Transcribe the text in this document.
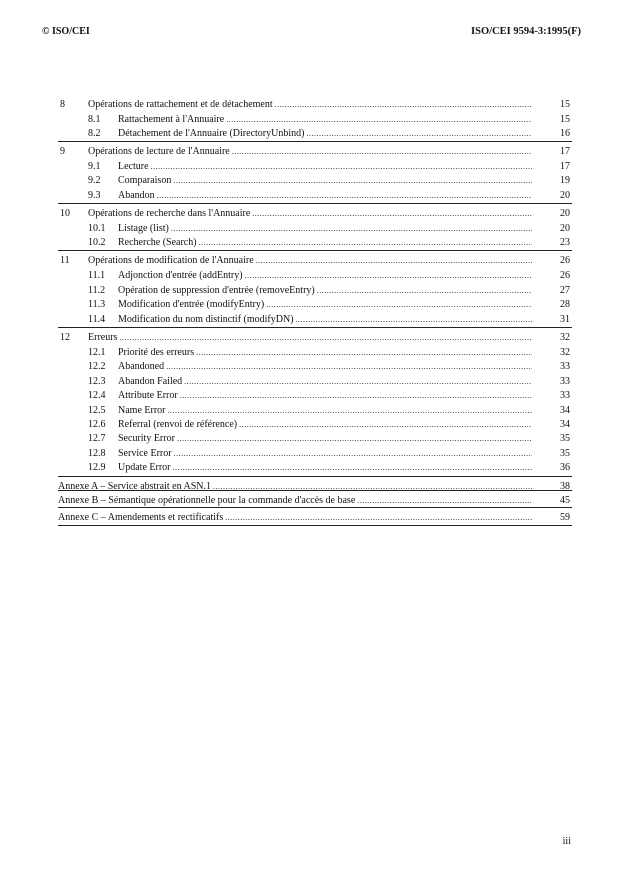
© ISO/CEI	ISO/CEI 9594-3:1995(F)
8 Opérations de rattachement et de détachement .....	15
8.1 Rattachement à l'Annuaire .....	15
8.2 Détachement de l'Annuaire (DirectoryUnbind) .....	16
9 Opérations de lecture de l'Annuaire .....	17
9.1 Lecture .....	17
9.2 Comparaison .....	19
9.3 Abandon .....	20
10 Opérations de recherche dans l'Annuaire .....	20
10.1 Listage (list) .....	20
10.2 Recherche (Search) .....	23
11 Opérations de modification de l'Annuaire .....	26
11.1 Adjonction d'entrée (addEntry) .....	26
11.2 Opération de suppression d'entrée (removeEntry) .....	27
11.3 Modification d'entrée (modifyEntry) .....	28
11.4 Modification du nom distinctif (modifyDN) .....	31
12 Erreurs .....	32
12.1 Priorité des erreurs .....	32
12.2 Abandoned .....	33
12.3 Abandon Failed .....	33
12.4 Attribute Error .....	33
12.5 Name Error .....	34
12.6 Referral (renvoi de référence) .....	34
12.7 Security Error .....	35
12.8 Service Error .....	35
12.9 Update Error .....	36
Annexe A – Service abstrait en ASN.1 .....	38
Annexe B – Sémantique opérationnelle pour la commande d'accès de base .....	45
Annexe C – Amendements et rectificatifs .....	59
iii
